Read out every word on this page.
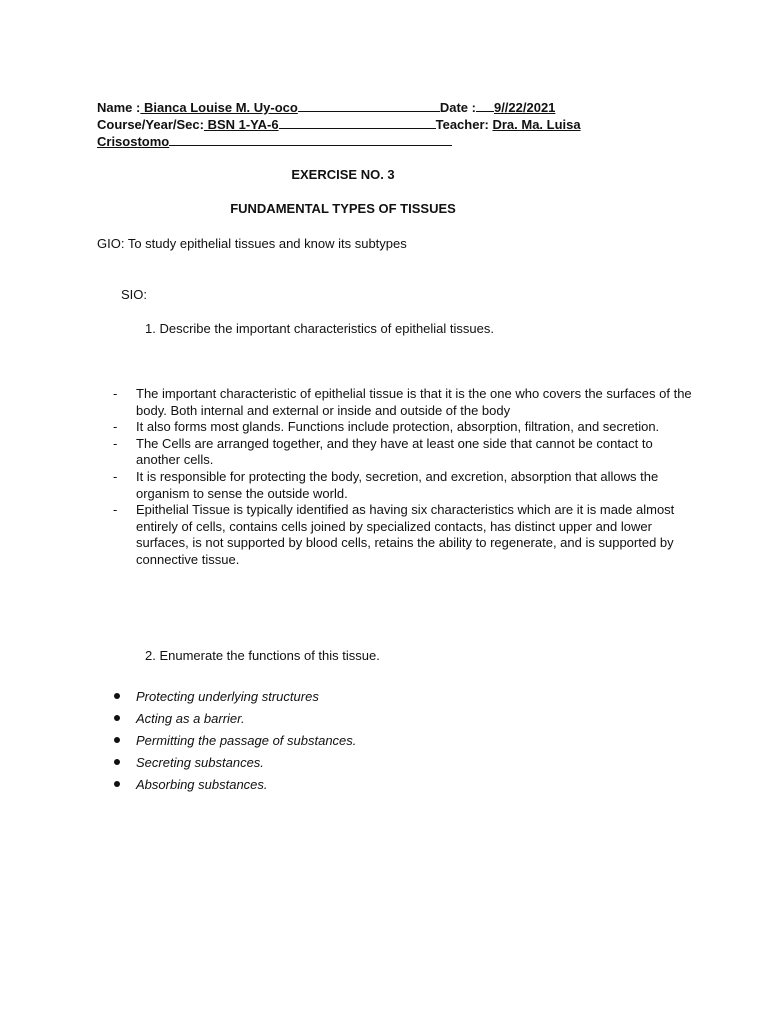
Name : Bianca Louise M. Uy-oco	Date : 9//22/2021
Course/Year/Sec: BSN 1-YA-6	Teacher: Dra. Ma. Luisa
Crisostomo
EXERCISE NO. 3
FUNDAMENTAL TYPES OF TISSUES
GIO: To study epithelial tissues and know its subtypes
SIO:
1. Describe the important characteristics of epithelial tissues.
- The important characteristic of epithelial tissue is that it is the one who covers the surfaces of the body. Both internal and external or inside and outside of the body
- It also forms most glands. Functions include protection, absorption, filtration, and secretion.
- The Cells are arranged together, and they have at least one side that cannot be contact to another cells.
- It is responsible for protecting the body, secretion, and excretion, absorption that allows the organism to sense the outside world.
- Epithelial Tissue is typically identified as having six characteristics which are it is made almost entirely of cells, contains cells joined by specialized contacts, has distinct upper and lower surfaces, is not supported by blood cells, retains the ability to regenerate, and is supported by connective tissue.
2. Enumerate the functions of this tissue.
Protecting underlying structures
Acting as a barrier.
Permitting the passage of substances.
Secreting substances.
Absorbing substances.
